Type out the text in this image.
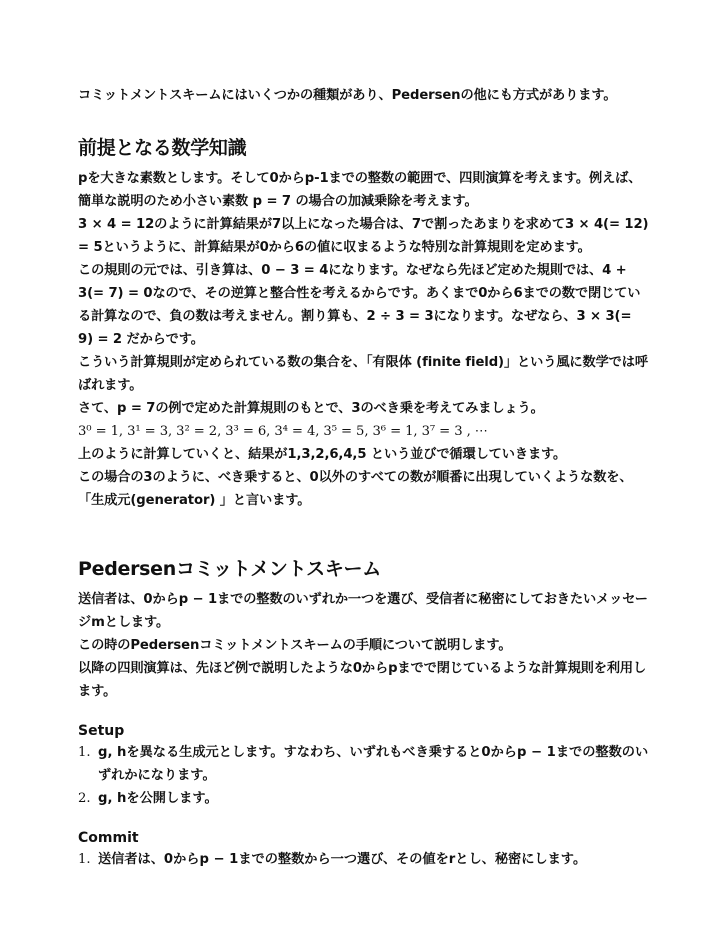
コミットメントスキームにはいくつかの種類があり、Pedersenの他にも方式があります。

前提となる数学知識

pを大きな素数とします。そして0からp-1までの整数の範囲で、四則演算を考えます。例えば、簡単な説明のため小さい素数 p = 7 の場合の加減乗除を考えます。

3 × 4 = 12のように計算結果が7以上になった場合は、7で割ったあまりを求めて3 × 4(= 12) = 5というように、計算結果が0から6の値に収まるような特別な計算規則を定めます。

この規則の元では、引き算は、0 − 3 = 4になります。なぜなら先ほど定めた規則では、4 + 3(= 7) = 0なので、その逆算と整合性を考えるからです。あくまで0から6までの数で閉じている計算なので、負の数は考えません。割り算も、2 ÷ 3 = 3になります。なぜなら、3 × 3(= 9) = 2 だからです。

こういう計算規則が定められている数の集合を、「有限体 (finite field)」という風に数学では呼ばれます。

さて、p = 7の例で定めた計算規則のもとで、3のべき乗を考えてみましょう。

3⁰ = 1, 3¹ = 3, 3² = 2, 3³ = 6, 3⁴ = 4, 3⁵ = 5, 3⁶ = 1, 3⁷ = 3 , ⋯

上のように計算していくと、結果が1,3,2,6,4,5 という並びで循環していきます。

この場合の3のように、べき乗すると、0以外のすべての数が順番に出現していくような数を、「生成元(generator) 」と言います。

Pedersenコミットメントスキーム

送信者は、0からp − 1までの整数のいずれか一つを選び、受信者に秘密にしておきたいメッセージmとします。

この時のPedersenコミットメントスキームの手順について説明します。

以降の四則演算は、先ほど例で説明したような0からpまでで閉じているような計算規則を利用します。

Setup
1. g, hを異なる生成元とします。すなわち、いずれもべき乗すると0からp − 1までの整数のいずれかになります。
2. g, hを公開します。
Commit
1. 送信者は、0からp − 1までの整数から一つ選び、その値をrとし、秘密にします。
